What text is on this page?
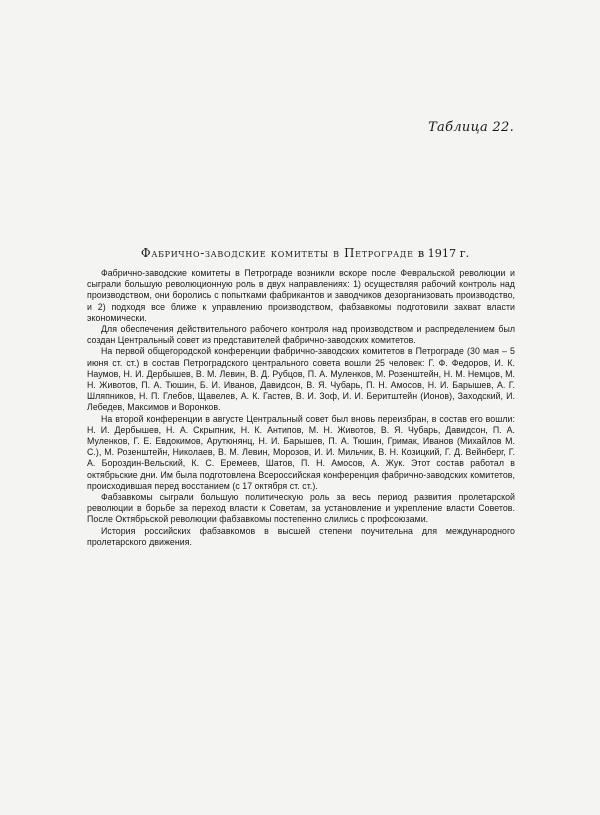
Таблица 22.
Фабрично-заводские комитеты в Петрограде в 1917 г.

Фабрично-заводские комитеты в Петрограде возникли вскоре после Февральской революции и сыграли большую революционную роль в двух направлениях: 1) осуществляя рабочий контроль над производством, они боролись с попытками фабрикантов и заводчиков дезорганизовать производство, и 2) подходя все ближе к управлению производством, фабзавкомы подготовили захват власти экономически.

Для обеспечения действительного рабочего контроля над производством и распределением был создан Центральный совет из представителей фабрично-заводских комитетов.

На первой общегородской конференции фабрично-заводских комитетов в Петрограде (30 мая – 5 июня ст. ст.) в состав Петроградского центрального совета вошли 25 человек: Г. Ф. Федоров, И. К. Наумов, Н. И. Дербышев, В. М. Левин, В. Д. Рубцов, П. А. Муленков, М. Розенштейн, Н. М. Немцов, М. Н. Животов, П. А. Тюшин, Б. И. Иванов, Давидсон, В. Я. Чубарь, П. Н. Амосов, Н. И. Барышев, А. Г. Шляпников, Н. П. Глебов, Щавелев, А. К. Гастев, В. И. Зоф, И. И. Беритштейн (Ионов), Заходский, И. Лебедев, Максимов и Воронков.

На второй конференции в августе Центральный совет был вновь переизбран, в состав его вошли: Н. И. Дербышев, Н. А. Скрыпник, Н. К. Антипов, М. Н. Животов, В. Я. Чубарь, Давидсон, П. А. Муленков, Г. Е. Евдокимов, Арутюнянц, Н. И. Барышев, П. А. Тюшин, Гримак, Иванов (Михайлов М. С.), М. Розенштейн, Николаев, В. М. Левин, Морозов, И. И. Мильчик, В. Н. Козицкий, Г. Д. Вейнберг, Г. А. Бороздин-Вельский, К. С. Еремеев, Шатов, П. Н. Амосов, А. Жук. Этот состав работал в октябрьские дни. Им была подготовлена Всероссийская конференция фабрично-заводских комитетов, происходившая перед восстанием (с 17 октября ст. ст.).

Фабзавкомы сыграли большую политическую роль за весь период развития пролетарской революции в борьбе за переход власти к Советам, за установление и укрепление власти Советов. После Октябрьской революции фабзавкомы постепенно слились с профсоюзами.

История российских фабзавкомов в высшей степени поучительна для международного пролетарского движения.
